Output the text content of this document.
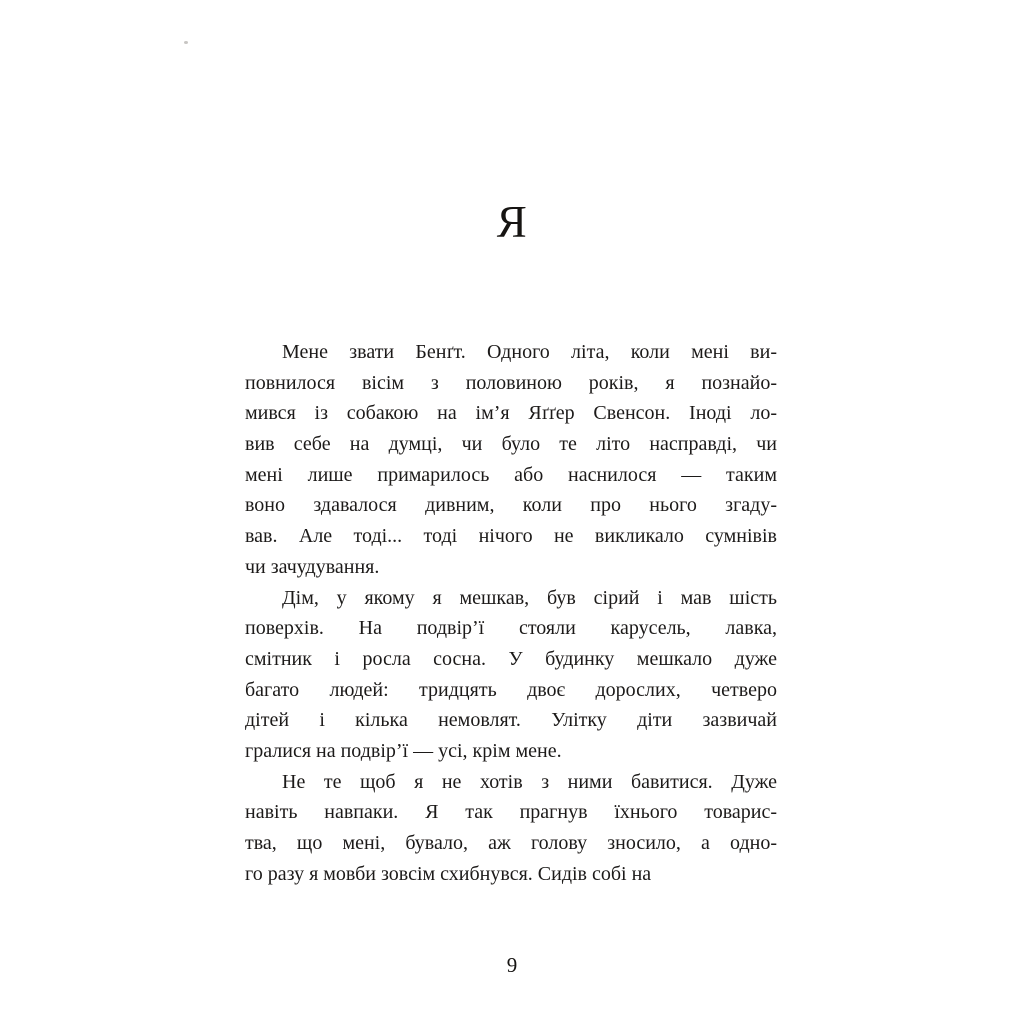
Я
Мене звати Бенґт. Одного літа, коли мені ви-
повнилося вісім з половиною років, я познайо-
мився із собакою на ім’я Яґґер Свенсон. Іноді ло-
вив себе на думці, чи було те літо насправді, чи
мені лише примарилось або наснилося — таким
воно здавалося дивним, коли про нього згаду-
вав. Але тоді... тоді нічого не викликало сумнівів
чи зачудування.
Дім, у якому я мешкав, був сірий і мав шість
поверхів. На подвір’ї стояли карусель, лавка,
смітник і росла сосна. У будинку мешкало дуже
багато людей: тридцять двоє дорослих, четверо
дітей і кілька немовлят. Улітку діти зазвичай
гралися на подвір’ї — усі, крім мене.
Не те щоб я не хотів з ними бавитися. Дуже
навіть навпаки. Я так прагнув їхнього товарис-
тва, що мені, бувало, аж голову зносило, а одно-
го разу я мовби зовсім схибнувся. Сидів собі на
9
